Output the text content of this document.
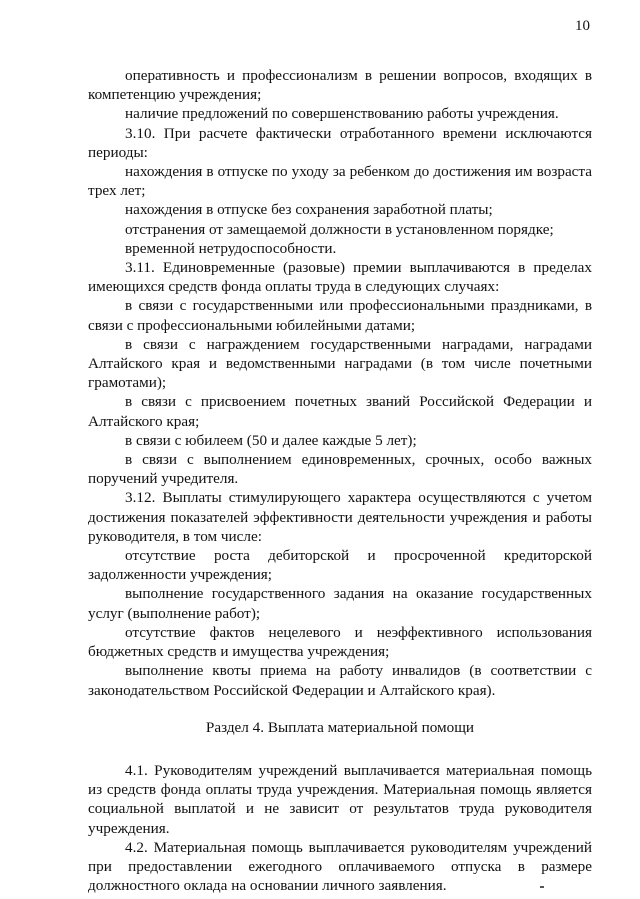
10

оперативность и профессионализм в решении вопросов, входящих в компетенцию учреждения;

наличие предложений по совершенствованию работы учреждения.

3.10. При расчете фактически отработанного времени исключаются периоды:

нахождения в отпуске по уходу за ребенком до достижения им возраста трех лет;

нахождения в отпуске без сохранения заработной платы;

отстранения от замещаемой должности в установленном порядке;

временной нетрудоспособности.

3.11. Единовременные (разовые) премии выплачиваются в пределах имеющихся средств фонда оплаты труда в следующих случаях:

в связи с государственными или профессиональными праздниками, в связи с профессиональными юбилейными датами;

в связи с награждением государственными наградами, наградами Алтайского края и ведомственными наградами (в том числе почетными грамотами);

в связи с присвоением почетных званий Российской Федерации и Алтайского края;

в связи с юбилеем (50 и далее каждые 5 лет);

в связи с выполнением единовременных, срочных, особо важных поручений учредителя.

3.12. Выплаты стимулирующего характера осуществляются с учетом достижения показателей эффективности деятельности учреждения и работы руководителя, в том числе:

отсутствие роста дебиторской и просроченной кредиторской задолженности учреждения;

выполнение государственного задания на оказание государственных услуг (выполнение работ);

отсутствие фактов нецелевого и неэффективного использования бюджетных средств и имущества учреждения;

выполнение квоты приема на работу инвалидов (в соответствии с законодательством Российской Федерации и Алтайского края).

Раздел 4. Выплата материальной помощи

4.1. Руководителям учреждений выплачивается материальная помощь из средств фонда оплаты труда учреждения. Материальная помощь является социальной выплатой и не зависит от результатов труда руководителя учреждения.

4.2. Материальная помощь выплачивается руководителям учреждений при предоставлении ежегодного оплачиваемого отпуска в размере должностного оклада на основании личного заявления.
